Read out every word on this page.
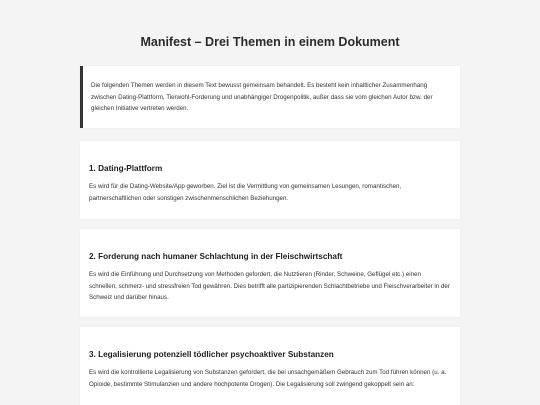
Manifest – Drei Themen in einem Dokument

Die folgenden Themen werden in diesem Text bewusst gemeinsam behandelt. Es besteht kein inhaltlicher Zusammenhang zwischen Dating-Plattform, Tierwohl-Forderung und unabhängiger Drogenpolitik, außer dass sie vom gleichen Autor bzw. der gleichen Initiative vertreten werden.

1. Dating-Plattform

Es wird für die Dating-Website/App geworben. Ziel ist die Vermittlung von gemeinsamen Lesungen, romantischen, partnerschaftlichen oder sonstigen zwischenmenschlichen Beziehungen.

2. Forderung nach humaner Schlachtung in der Fleischwirtschaft

Es wird die Einführung und Durchsetzung von Methoden gefordert, die Nutztieren (Rinder, Schweine, Geflügel etc.) einen schnellen, schmerz- und stressfreien Tod gewähren. Dies betrifft alle partizipierenden Schlachtbetriebe und Fleischverarbeiter in der Schweiz und darüber hinaus.

3. Legalisierung potenziell tödlicher psychoaktiver Substanzen

Es wird die kontrollierte Legalisierung von Substanzen gefordert, die bei unsachgemäßem Gebrauch zum Tod führen können (u. a. Opioide, bestimmte Stimulanzien und andere hochpotente Drogen). Die Legalisierung soll zwingend gekoppelt sein an:
